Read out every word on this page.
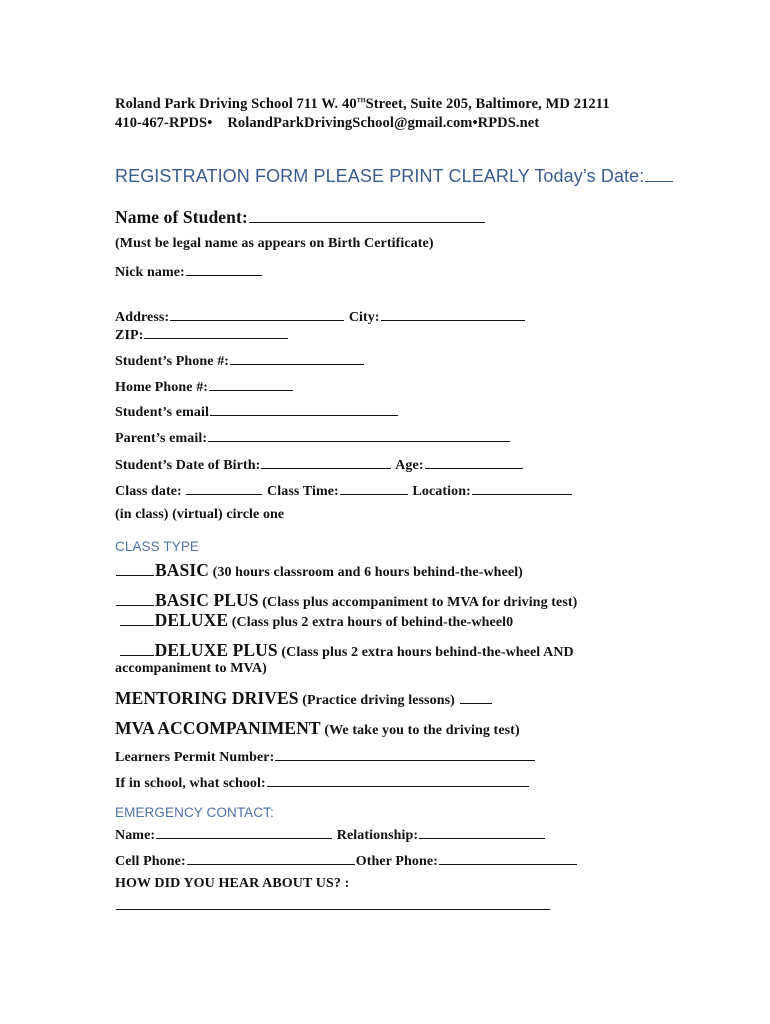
Roland Park Driving School 711 W. 40THStreet, Suite 205, Baltimore, MD 21211
410-467-RPDS• RolandParkDrivingSchool@gmail.com•RPDS.net
REGISTRATION FORM PLEASE PRINT CLEARLY Today’s Date:
Name of Student:
(Must be legal name as appears on Birth Certificate)
Nick name:
Address:	City:
ZIP:
Student’s Phone #:
Home Phone #:
Student’s email
Parent’s email:
Student’s Date of Birth:	Age:
Class date:	Class Time:	Location:
(in class) (virtual) circle one
CLASS TYPE
BASIC (30 hours classroom and 6 hours behind-the-wheel)
BASIC PLUS (Class plus accompaniment to MVA for driving test)
DELUXE (Class plus 2 extra hours of behind-the-wheel0
DELUXE PLUS (Class plus 2 extra hours behind-the-wheel AND
accompaniment to MVA)
MENTORING DRIVES (Practice driving lessons)
MVA ACCOMPANIMENT (We take you to the driving test)
Learners Permit Number:
If in school, what school:
EMERGENCY CONTACT:
Name:	Relationship:
Cell Phone:	Other Phone:
HOW DID YOU HEAR ABOUT US? :
